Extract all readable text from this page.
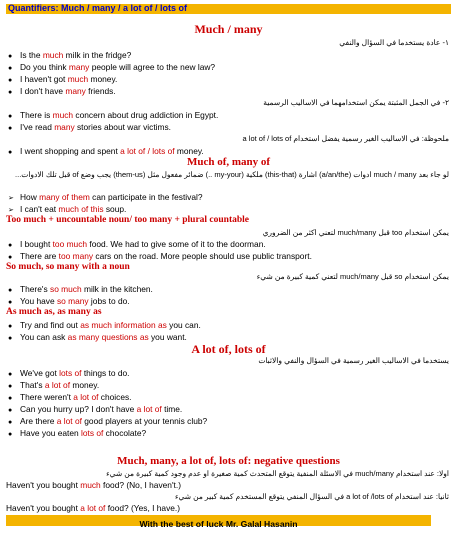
Quantifiers: Much / many / a lot of / lots of
Much / many
١- عادة يستخدما في السؤال والنفي
● Is the much milk in the fridge?
● Do you think many people will agree to the new law?
● I haven't got much money.
● I don't have many friends.
٢- في الجمل المثبتة يمكن استخدامهما في الاساليب الرسمية
● There is much concern about drug addiction in Egypt.
● I've read many stories about war victims.
ملحوظة: في الاساليب الغير رسمية يفضل استخدام a lot of / lots of
● I went shopping and spent a lot of / lots of money.
Much of, many of
لو جاء بعد much / many ادوات (a/an/the) اشارة (this-that) ملكية (my-your ..) ضمائر مفعول مثل (them-us) يجب وضع of قبل تلك الادوات...
➢ How many of them can participate in the festival?
➢ I can't eat much of this soup.
Too much + uncountable noun/ too many + plural countable
يمكن استخدام too قبل much/many لتعني اكثر من الضروري
● I bought too much food. We had to give some of it to the doorman.
● There are too many cars on the road. More people should use public transport.
So much, so many with a noun
يمكن استخدام so قبل much/many لتعني كمية كبيرة من شيء
● There's so much milk in the kitchen.
● You have so many jobs to do.
As much as, as many as
● Try and find out as much information as you can.
● You can ask as many questions as you want.
A lot of, lots of
يستخدما في الاساليب الغير رسمية في السؤال والنفي والاثبات
● We've got lots of things to do.
● That's a lot of money.
● There weren't a lot of choices.
● Can you hurry up? I don't have a lot of time.
● Are there a lot of good players at your tennis club?
● Have you eaten lots of chocolate?
Much, many, a lot of, lots of: negative questions
اولا: عند استخدام much/many في الاسئلة المنفية يتوقع المتحدث كمية صغيرة او عدم وجود كمية كبيرة من شيء
Haven't you bought much food? (No, I haven't.)
ثانيا: عند استخدام a lot of /lots of في السؤال المنفي يتوقع المستخدم كمية كبير من شيء
Haven't you bought a lot of food? (Yes, I have.)
With the best of luck Mr. Galal Hasanin
